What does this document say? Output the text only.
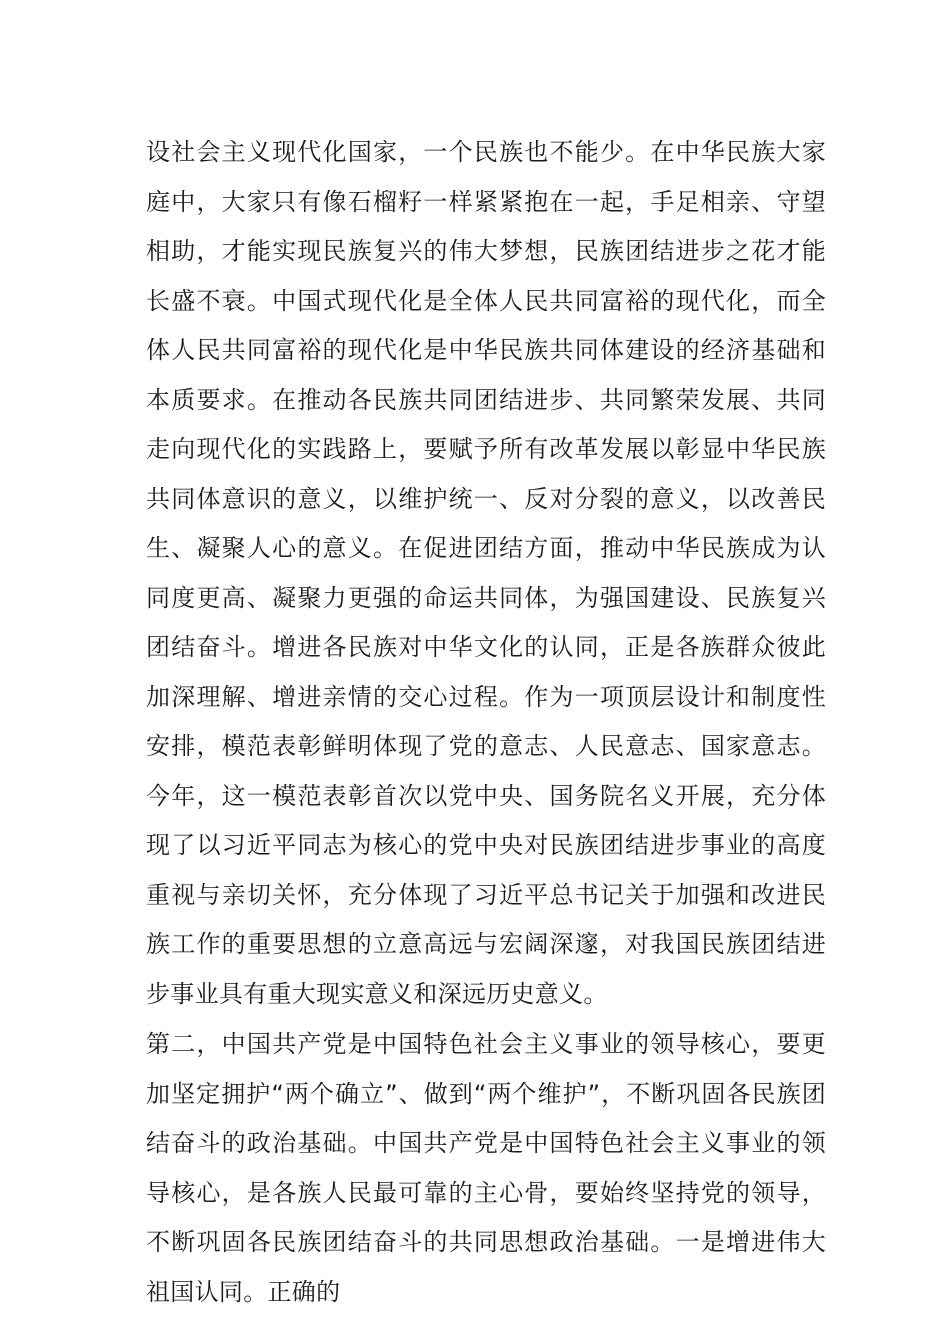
设社会主义现代化国家，一个民族也不能少。在中华民族大家庭中，大家只有像石榴籽一样紧紧抱在一起，手足相亲、守望相助，才能实现民族复兴的伟大梦想，民族团结进步之花才能长盛不衰。中国式现代化是全体人民共同富裕的现代化，而全体人民共同富裕的现代化是中华民族共同体建设的经济基础和本质要求。在推动各民族共同团结进步、共同繁荣发展、共同走向现代化的实践路上，要赋予所有改革发展以彰显中华民族共同体意识的意义，以维护统一、反对分裂的意义，以改善民生、凝聚人心的意义。在促进团结方面，推动中华民族成为认同度更高、凝聚力更强的命运共同体，为强国建设、民族复兴团结奋斗。增进各民族对中华文化的认同，正是各族群众彼此加深理解、增进亲情的交心过程。作为一项顶层设计和制度性安排，模范表彰鲜明体现了党的意志、人民意志、国家意志。今年，这一模范表彰首次以党中央、国务院名义开展，充分体现了以习近平同志为核心的党中央对民族团结进步事业的高度重视与亲切关怀，充分体现了习近平总书记关于加强和改进民族工作的重要思想的立意高远与宏阔深邃，对我国民族团结进步事业具有重大现实意义和深远历史意义。

第二，中国共产党是中国特色社会主义事业的领导核心，要更加坚定拥护“两个确立”、做到“两个维护”，不断巩固各民族团结奋斗的政治基础。中国共产党是中国特色社会主义事业的领导核心，是各族人民最可靠的主心骨，要始终坚持党的领导，不断巩固各民族团结奋斗的共同思想政治基础。一是增进伟大祖国认同。正确的
